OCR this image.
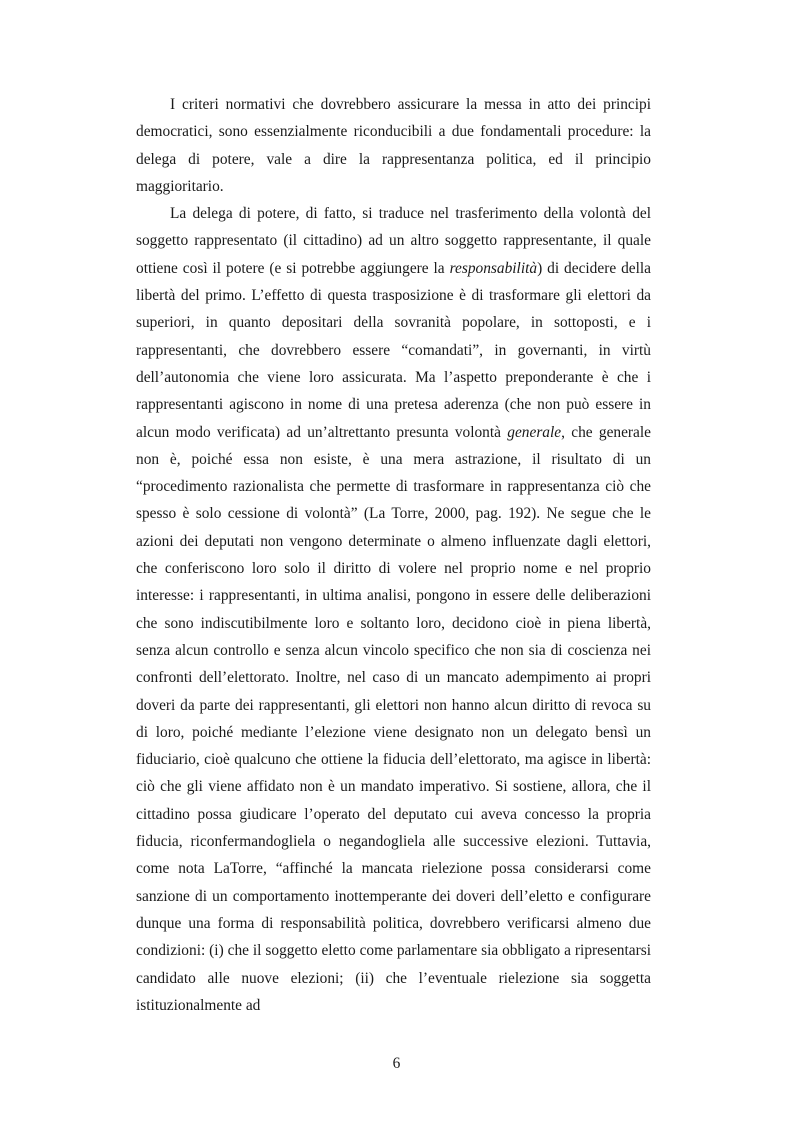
I criteri normativi che dovrebbero assicurare la messa in atto dei principi democratici, sono essenzialmente riconducibili a due fondamentali procedure: la delega di potere, vale a dire la rappresentanza politica, ed il principio maggioritario.

La delega di potere, di fatto, si traduce nel trasferimento della volontà del soggetto rappresentato (il cittadino) ad un altro soggetto rappresentante, il quale ottiene così il potere (e si potrebbe aggiungere la responsabilità) di decidere della libertà del primo. L’effetto di questa trasposizione è di trasformare gli elettori da superiori, in quanto depositari della sovranità popolare, in sottoposti, e i rappresentanti, che dovrebbero essere “comandati”, in governanti, in virtù dell’autonomia che viene loro assicurata. Ma l’aspetto preponderante è che i rappresentanti agiscono in nome di una pretesa aderenza (che non può essere in alcun modo verificata) ad un’altrettanto presunta volontà generale, che generale non è, poiché essa non esiste, è una mera astrazione, il risultato di un “procedimento razionalista che permette di trasformare in rappresentanza ciò che spesso è solo cessione di volontà” (La Torre, 2000, pag. 192). Ne segue che le azioni dei deputati non vengono determinate o almeno influenzate dagli elettori, che conferiscono loro solo il diritto di volere nel proprio nome e nel proprio interesse: i rappresentanti, in ultima analisi, pongono in essere delle deliberazioni che sono indiscutibilmente loro e soltanto loro, decidono cioè in piena libertà, senza alcun controllo e senza alcun vincolo specifico che non sia di coscienza nei confronti dell’elettorato. Inoltre, nel caso di un mancato adempimento ai propri doveri da parte dei rappresentanti, gli elettori non hanno alcun diritto di revoca su di loro, poiché mediante l’elezione viene designato non un delegato bensì un fiduciario, cioè qualcuno che ottiene la fiducia dell’elettorato, ma agisce in libertà: ciò che gli viene affidato non è un mandato imperativo. Si sostiene, allora, che il cittadino possa giudicare l’operato del deputato cui aveva concesso la propria fiducia, riconfermandogliela o negandogliela alle successive elezioni. Tuttavia, come nota LaTorre, “affinché la mancata rielezione possa considerarsi come sanzione di un comportamento inottemperante dei doveri dell’eletto e configurare dunque una forma di responsabilità politica, dovrebbero verificarsi almeno due condizioni: (i) che il soggetto eletto come parlamentare sia obbligato a ripresentarsi candidato alle nuove elezioni; (ii) che l’eventuale rielezione sia soggetta istituzionalmente ad

6
